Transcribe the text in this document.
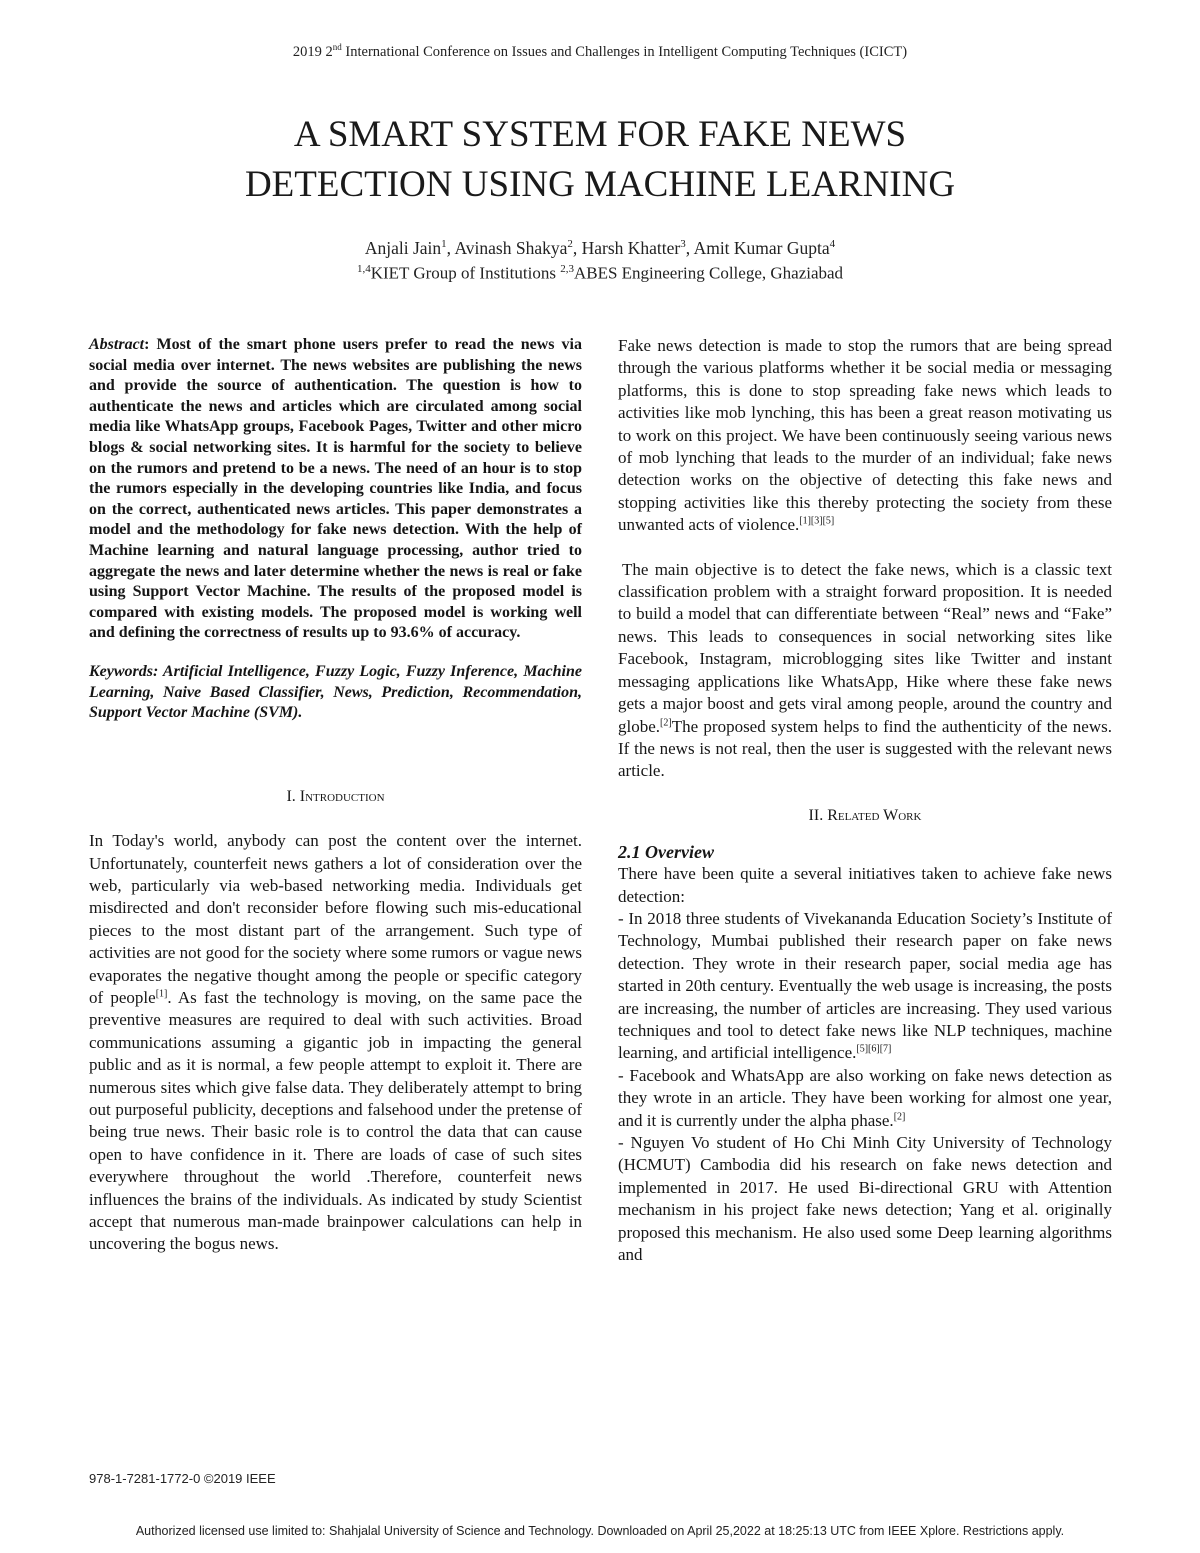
2019 2nd International Conference on Issues and Challenges in Intelligent Computing Techniques (ICICT)
A SMART SYSTEM FOR FAKE NEWS
DETECTION USING MACHINE LEARNING
Anjali Jain$^1$, Avinash Shakya$^2$, Harsh Khatter$^3$, Amit Kumar Gupta$^4$
$^{1,4}$KIET Group of Institutions $^{2,3}$ABES Engineering College, Ghaziabad

Abstract: Most of the smart phone users prefer to read the news via social media over internet. The news websites are publishing the news and provide the source of authentication. The question is how to authenticate the news and articles which are circulated among social media like WhatsApp groups, Facebook Pages, Twitter and other micro blogs & social networking sites. It is harmful for the society to believe on the rumors and pretend to be a news. The need of an hour is to stop the rumors especially in the developing countries like India, and focus on the correct, authenticated news articles. This paper demonstrates a model and the methodology for fake news detection. With the help of Machine learning and natural language processing, author tried to aggregate the news and later determine whether the news is real or fake using Support Vector Machine. The results of the proposed model is compared with existing models. The proposed model is working well and defining the correctness of results up to 93.6% of accuracy.

Keywords: Artificial Intelligence, Fuzzy Logic, Fuzzy Inference, Machine Learning, Naive Based Classifier, News, Prediction, Recommendation, Support Vector Machine (SVM).

I. Introduction

In Today's world, anybody can post the content over the internet. Unfortunately, counterfeit news gathers a lot of consideration over the web, particularly via web-based networking media. Individuals get misdirected and don't reconsider before flowing such mis-educational pieces to the most distant part of the arrangement. Such type of activities are not good for the society where some rumors or vague news evaporates the negative thought among the people or specific category of people[1]. As fast the technology is moving, on the same pace the preventive measures are required to deal with such activities. Broad communications assuming a gigantic job in impacting the general public and as it is normal, a few people attempt to exploit it. There are numerous sites which give false data. They deliberately attempt to bring out purposeful publicity, deceptions and falsehood under the pretense of being true news. Their basic role is to control the data that can cause open to have confidence in it. There are loads of case of such sites everywhere throughout the world .Therefore, counterfeit news influences the brains of the individuals. As indicated by study Scientist accept that numerous man-made brainpower calculations can help in uncovering the bogus news.

Fake news detection is made to stop the rumors that are being spread through the various platforms whether it be social media or messaging platforms, this is done to stop spreading fake news which leads to activities like mob lynching, this has been a great reason motivating us to work on this project. We have been continuously seeing various news of mob lynching that leads to the murder of an individual; fake news detection works on the objective of detecting this fake news and stopping activities like this thereby protecting the society from these unwanted acts of violence.[1][3][5]

The main objective is to detect the fake news, which is a classic text classification problem with a straight forward proposition. It is needed to build a model that can differentiate between “Real” news and “Fake” news. This leads to consequences in social networking sites like Facebook, Instagram, microblogging sites like Twitter and instant messaging applications like WhatsApp, Hike where these fake news gets a major boost and gets viral among people, around the country and globe.[2]The proposed system helps to find the authenticity of the news. If the news is not real, then the user is suggested with the relevant news article.

II. Related Work

2.1 Overview

There have been quite a several initiatives taken to achieve fake news detection:

- In 2018 three students of Vivekananda Education Society’s Institute of Technology, Mumbai published their research paper on fake news detection. They wrote in their research paper, social media age has started in 20th century. Eventually the web usage is increasing, the posts are increasing, the number of articles are increasing. They used various techniques and tool to detect fake news like NLP techniques, machine learning, and artificial intelligence.[5][6][7]

- Facebook and WhatsApp are also working on fake news detection as they wrote in an article. They have been working for almost one year, and it is currently under the alpha phase.[2]

- Nguyen Vo student of Ho Chi Minh City University of Technology (HCMUT) Cambodia did his research on fake news detection and implemented in 2017. He used Bi-directional GRU with Attention mechanism in his project fake news detection; Yang et al. originally proposed this mechanism. He also used some Deep learning algorithms and

978-1-7281-1772-0 ©2019 IEEE
Authorized licensed use limited to: Shahjalal University of Science and Technology. Downloaded on April 25,2022 at 18:25:13 UTC from IEEE Xplore. Restrictions apply.
